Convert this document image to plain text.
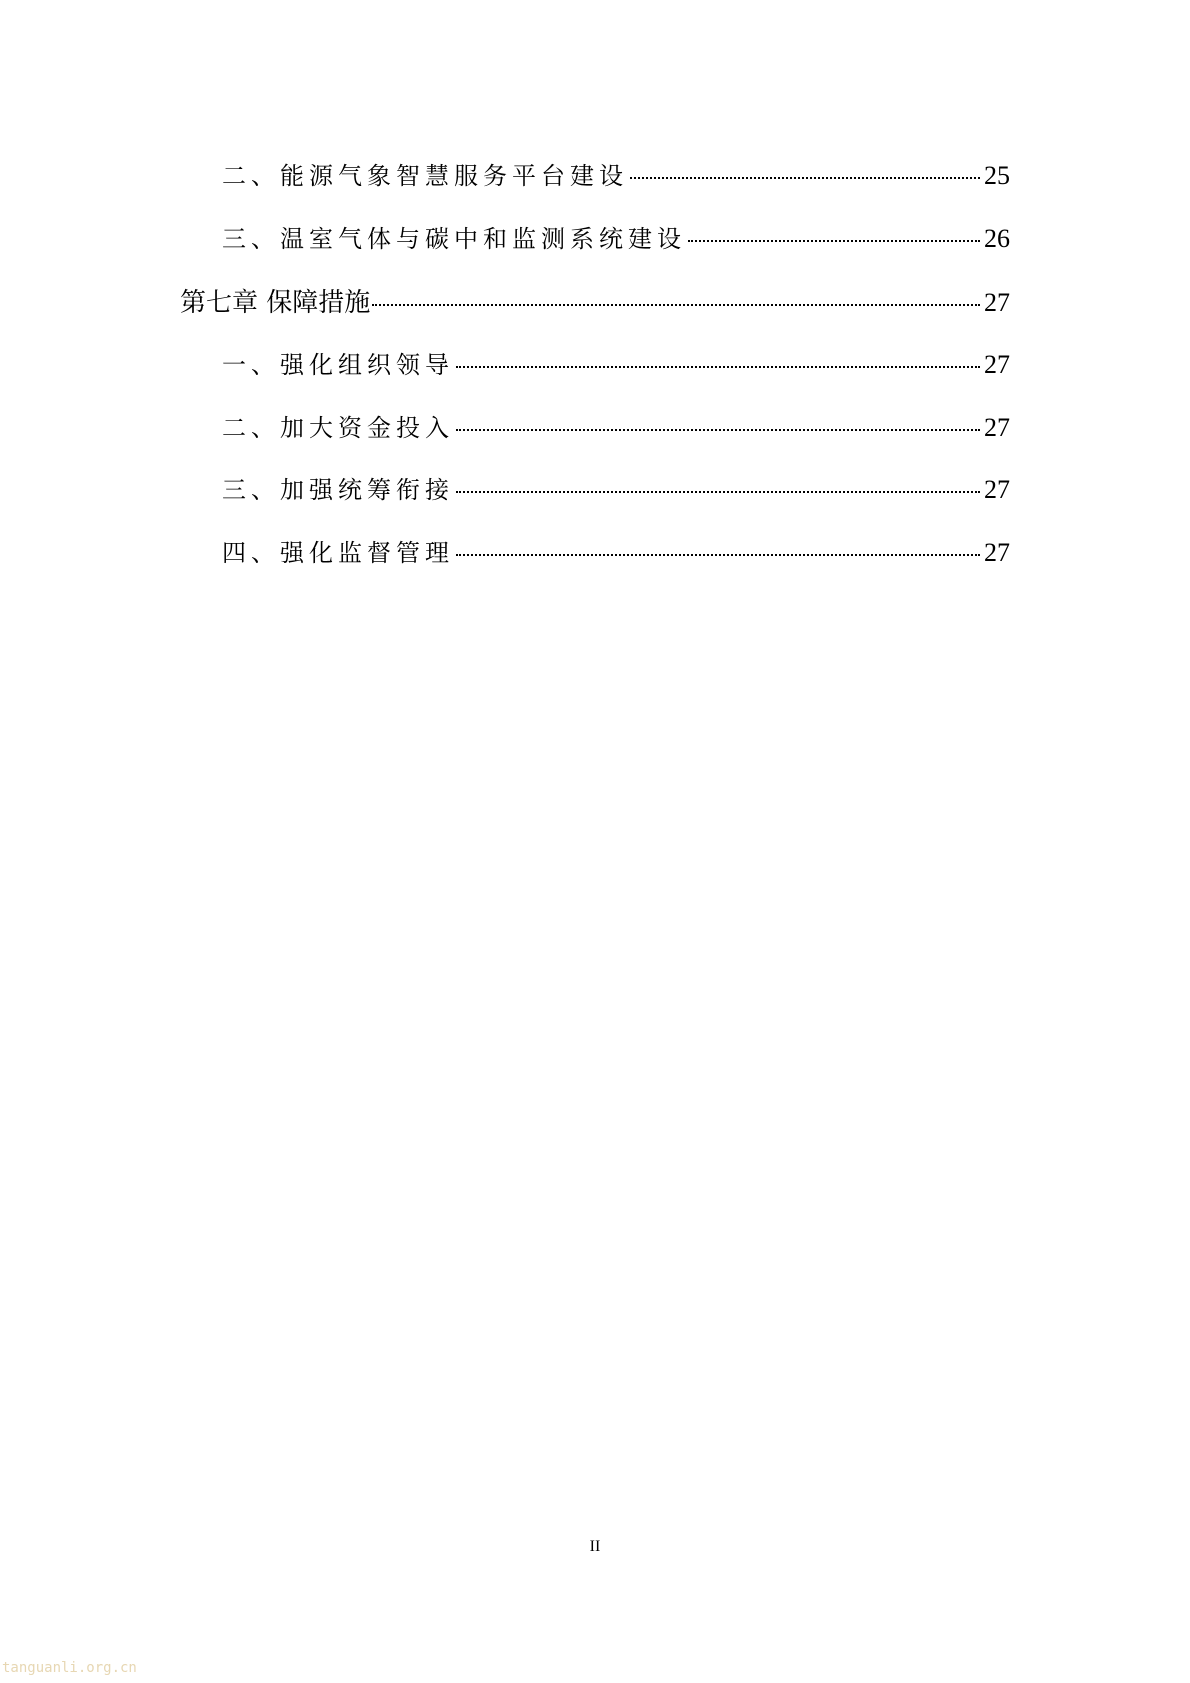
二、能源气象智慧服务平台建设	25
三、温室气体与碳中和监测系统建设	26
第七章 保障措施	27
一、强化组织领导	27
二、加大资金投入	27
三、加强统筹衔接	27
四、强化监督管理	27
II
tanguanli.org.cn
